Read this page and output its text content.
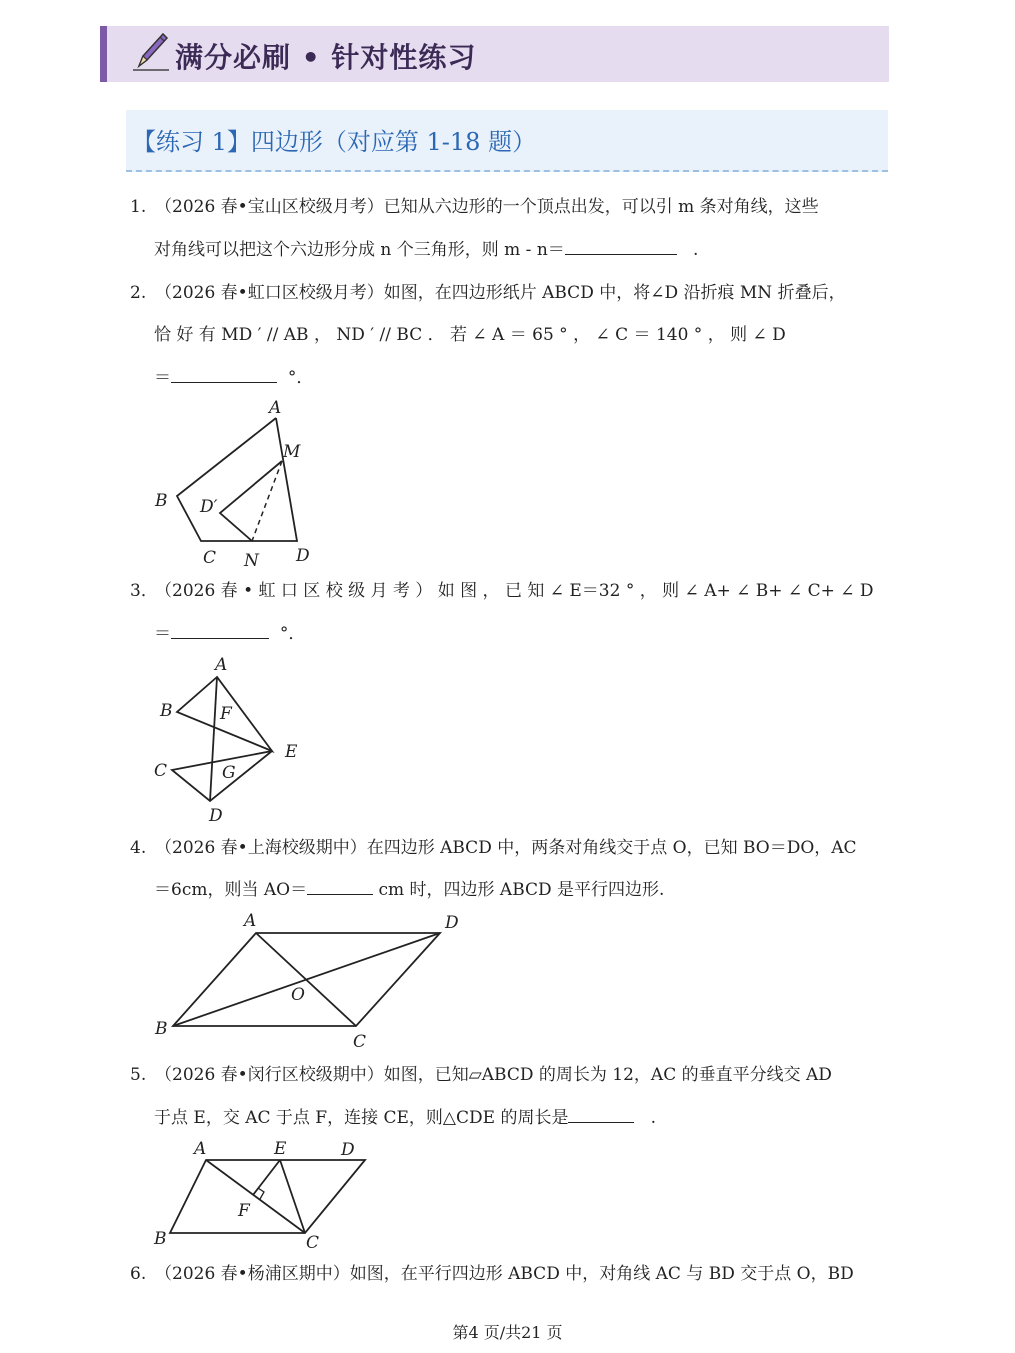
满分必刷 • 针对性练习
【练习 1】四边形（对应第 1-18 题）
1. （2026 春•宝山区校级月考）已知从六边形的一个顶点出发，可以引 m 条对角线，这些
对角线可以把这个六边形分成 n 个三角形，则 m - n＝	.
2. （2026 春•虹口区校级月考）如图，在四边形纸片 ABCD 中，将∠D 沿折痕 MN 折叠后，
恰 好 有 MD ′ // AB ， ND ′ // BC ． 若 ∠ A ＝ 65 ° ， ∠ C ＝ 140 ° ， 则 ∠ D
＝	°．
A
M
B D′
C N D
3．（2026 春 • 虹 口 区 校 级 月 考 ） 如 图 ， 已 知 ∠ E＝32 ° ， 则 ∠ A+ ∠ B+ ∠ C+ ∠ D
＝	°．
A
B	F
E
C	G
D
4. （2026 春•上海校级期中）在四边形 ABCD 中，两条对角线交于点 O，已知 BO＝DO，AC
＝6cm，则当 AO＝	cm 时，四边形 ABCD 是平行四边形.
A	D
O
B
C
5. （2026 春•闵行区校级期中）如图，已知▱ABCD 的周长为 12，AC 的垂直平分线交 AD
于点 E，交 AC 于点 F，连接 CE，则△CDE 的周长是	.
A	E	D
F
B	C
6. （2026 春•杨浦区期中）如图，在平行四边形 ABCD 中，对角线 AC 与 BD 交于点 O，BD
第4 页/共21 页
